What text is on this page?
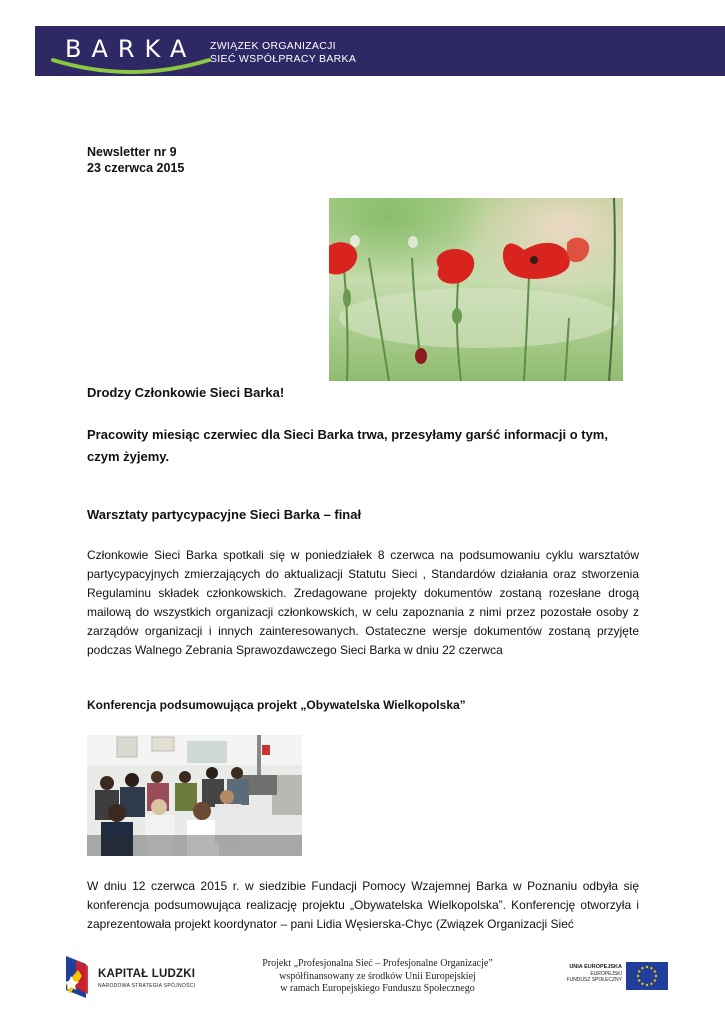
BARKA ZWIĄZEK ORGANIZACJI
SIEĆ WSPÓŁPRACY BARKA
Newsletter nr 9
23 czerwca 2015
Drodzy Członkowie Sieci Barka!
Pracowity miesiąc czerwiec dla Sieci Barka trwa, przesyłamy garść informacji o tym, czym żyjemy.
Warsztaty partycypacyjne Sieci Barka – finał
Członkowie Sieci Barka spotkali się w poniedziałek 8 czerwca na podsumowaniu cyklu warsztatów partycypacyjnych zmierzających do aktualizacji Statutu Sieci , Standardów działania oraz stworzenia Regulaminu składek członkowskich. Zredagowane projekty dokumentów zostaną rozesłane drogą mailową do wszystkich organizacji członkowskich, w celu zapoznania z nimi przez pozostałe osoby z zarządów organizacji i innych zainteresowanych. Ostateczne wersje dokumentów zostaną przyjęte podczas Walnego Zebrania Sprawozdawczego Sieci Barka w dniu 22 czerwca
Konferencja podsumowująca projekt „Obywatelska Wielkopolska”
W dniu 12 czerwca 2015 r. w siedzibie Fundacji Pomocy Wzajemnej Barka w Poznaniu odbyła się konferencja podsumowująca realizację projektu „Obywatelska Wielkopolska”. Konferencję otworzyła i zaprezentowała projekt koordynator – pani Lidia Węsierska-Chyc (Związek Organizacji Sieć
KAPITAŁ LUDZKI
NARODOWA STRATEGIA SPÓJNOŚCI
Projekt „Profesjonalna Sieć – Profesjonalne Organizacje”
współfinansowany ze środków Unii Europejskiej
w ramach Europejskiego Funduszu Społecznego
UNIA EUROPEJSKA
EUROPEJSKI
FUNDUSZ SPOŁECZNY
